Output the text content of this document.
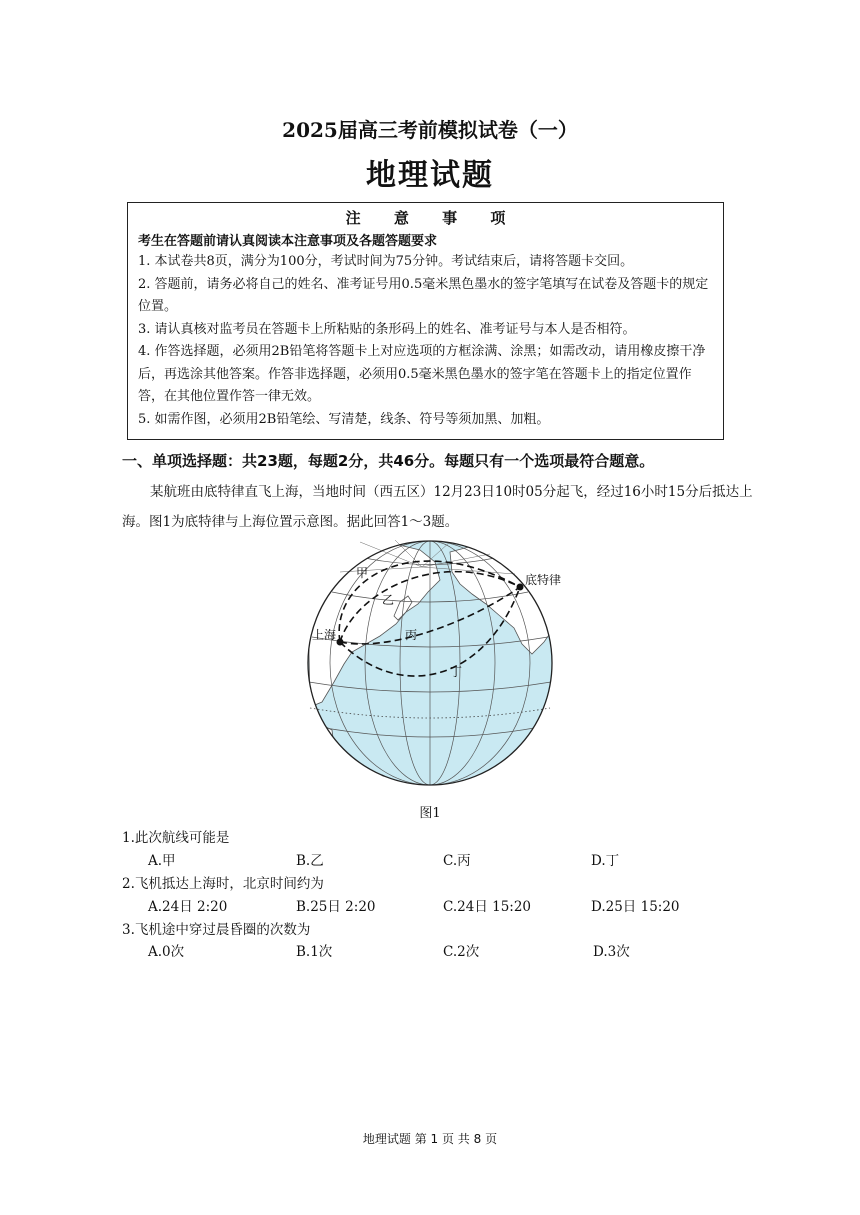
2025届高三考前模拟试卷（一）
地理试题
注 意 事 项
考生在答题前请认真阅读本注意事项及各题答题要求
1. 本试卷共8页，满分为100分，考试时间为75分钟。考试结束后，请将答题卡交回。
2. 答题前，请务必将自己的姓名、准考证号用0.5毫米黑色墨水的签字笔填写在试卷及答题卡的规定位置。
3. 请认真核对监考员在答题卡上所粘贴的条形码上的姓名、准考证号与本人是否相符。
4. 作答选择题，必须用2B铅笔将答题卡上对应选项的方框涂满、涂黑；如需改动，请用橡皮擦干净后，再选涂其他答案。作答非选择题，必须用0.5毫米黑色墨水的签字笔在答题卡上的指定位置作答，在其他位置作答一律无效。
5. 如需作图，必须用2B铅笔绘、写清楚，线条、符号等须加黑、加粗。
一、单项选择题：共23题，每题2分，共46分。每题只有一个选项最符合题意。
某航班由底特律直飞上海，当地时间（西五区）12月23日10时05分起飞，经过16小时15分后抵达上海。图1为底特律与上海位置示意图。据此回答1～3题。
底特律
上海
甲
乙
丙
丁
图1
1.此次航线可能是
A.甲	B.乙	C.丙	D.丁
2.飞机抵达上海时，北京时间约为
A.24日 2:20	B.25日 2:20	C.24日 15:20	D.25日 15:20
3.飞机途中穿过晨昏圈的次数为
A.0次	B.1次	C.2次	D.3次
地理试题 第 1 页 共 8 页
